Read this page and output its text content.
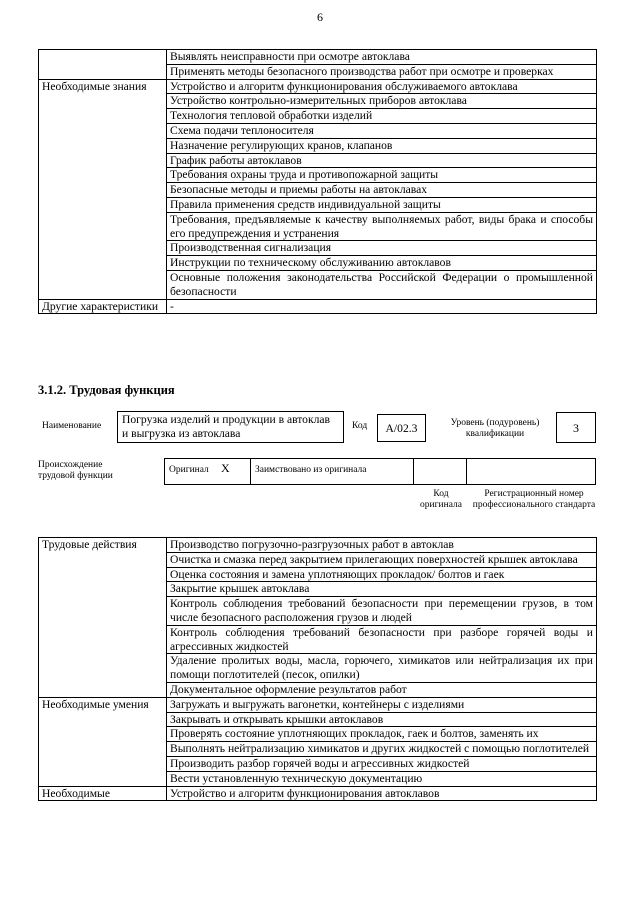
6
	Выявлять неисправности при осмотре автоклава
	Применять методы безопасного производства работ при осмотре и проверках
Необходимые знания	Устройство и алгоритм функционирования обслуживаемого автоклава
	Устройство контрольно-измерительных приборов автоклава
	Технология тепловой обработки изделий
	Схема подачи теплоносителя
	Назначение регулирующих кранов, клапанов
	График работы автоклавов
	Требования охраны труда и противопожарной защиты
	Безопасные методы и приемы работы на автоклавах
	Правила применения средств индивидуальной защиты
	Требования, предъявляемые к качеству выполняемых работ, виды брака и способы его предупреждения и устранения
	Производственная сигнализация
	Инструкции по техническому обслуживанию автоклавов
	Основные положения законодательства Российской Федерации о промышленной безопасности
Другие характеристики	-
3.1.2. Трудовая функция
Наименование	Погрузка изделий и продукции в автоклав и выгрузка из автоклава
Код	A/02.3	Уровень (подуровень) квалификации	3
Происхождение трудовой функции
Оригинал X	Заимствовано из оригинала
Код оригинала
Регистрационный номер профессионального стандарта
Трудовые действия	Производство погрузочно-разгрузочных работ в автоклав
	Очистка и смазка перед закрытием прилегающих поверхностей крышек автоклава
	Оценка состояния и замена уплотняющих прокладок/ болтов и гаек
	Закрытие крышек автоклава
	Контроль соблюдения требований безопасности при перемещении грузов, в том числе безопасного расположения грузов и людей
	Контроль соблюдения требований безопасности при разборе горячей воды и агрессивных жидкостей
	Удаление пролитых воды, масла, горючего, химикатов или нейтрализация их при помощи поглотителей (песок, опилки)
	Документальное оформление результатов работ
Необходимые умения	Загружать и выгружать вагонетки, контейнеры с изделиями
	Закрывать и открывать крышки автоклавов
	Проверять состояние уплотняющих прокладок, гаек и болтов, заменять их
	Выполнять нейтрализацию химикатов и других жидкостей с помощью поглотителей
	Производить разбор горячей воды и агрессивных жидкостей
	Вести установленную техническую документацию
Необходимые	Устройство и алгоритм функционирования автоклавов
